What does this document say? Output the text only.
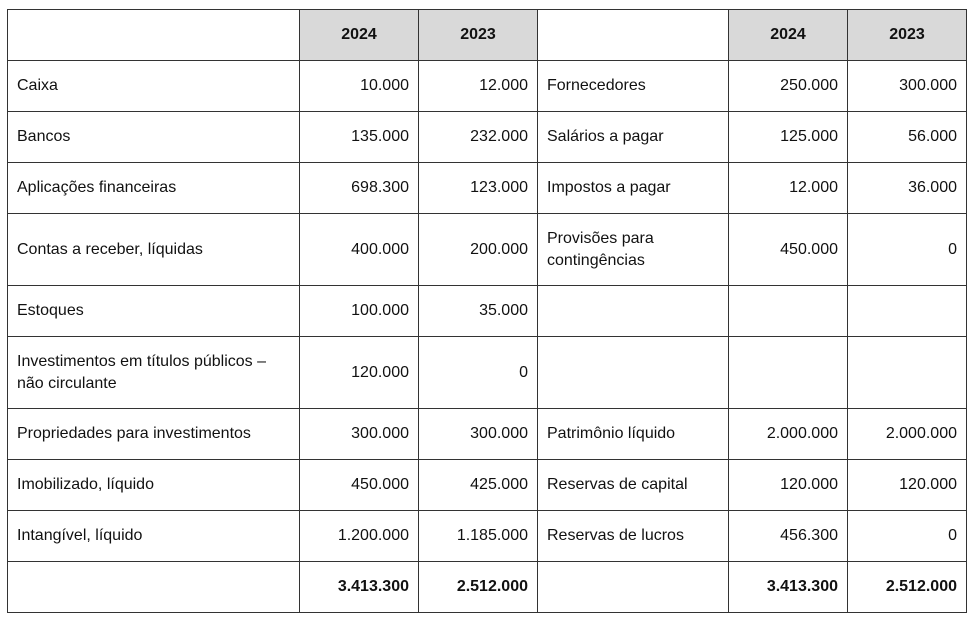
	2024	2023		2024	2023
Caixa	10.000	12.000	Fornecedores	250.000	300.000
Bancos	135.000	232.000	Salários a pagar	125.000	56.000
Aplicações financeiras	698.300	123.000	Impostos a pagar	12.000	36.000
Contas a receber, líquidas	400.000	200.000	Provisões para contingências	450.000	0
Estoques	100.000	35.000			
Investimentos em títulos públicos – não circulante	120.000	0			
Propriedades para investimentos	300.000	300.000	Patrimônio líquido	2.000.000	2.000.000
Imobilizado, líquido	450.000	425.000	Reservas de capital	120.000	120.000
Intangível, líquido	1.200.000	1.185.000	Reservas de lucros	456.300	0
	3.413.300	2.512.000		3.413.300	2.512.000
